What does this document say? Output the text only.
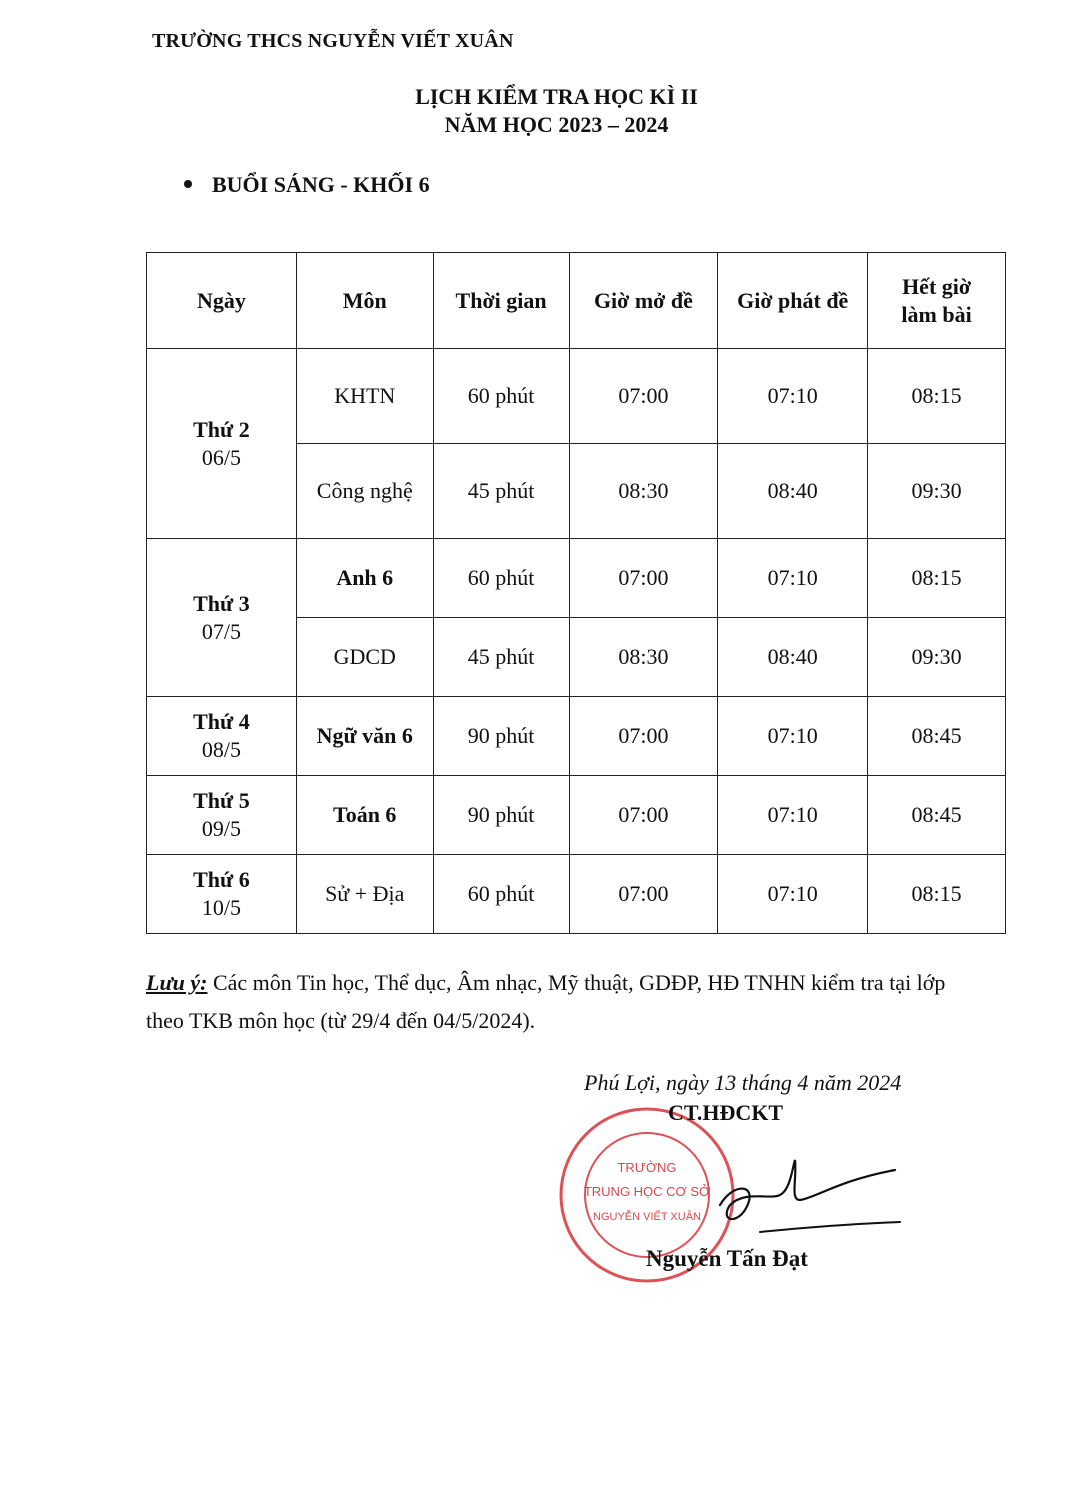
TRƯỜNG THCS NGUYỄN VIẾT XUÂN
LỊCH KIỂM TRA HỌC KÌ II
NĂM HỌC 2023 – 2024
BUỔI SÁNG - KHỐI 6
Ngày	Môn	Thời gian	Giờ mở đề	Giờ phát đề	Hết giờ
làm bài

Thứ 2
06/5	KHTN	60 phút	07:00	07:10	08:15
	Công nghệ	45 phút	08:30	08:40	09:30

Thứ 3
07/5	Anh 6	60 phút	07:00	07:10	08:15
	GDCD	45 phút	08:30	08:40	09:30

Thứ 4
08/5	Ngữ văn 6	90 phút	07:00	07:10	08:45

Thứ 5
09/5	Toán 6	90 phút	07:00	07:10	08:45

Thứ 6
10/5	Sử + Địa	60 phút	07:00	07:10	08:15
Lưu ý: Các môn Tin học, Thể dục, Âm nhạc, Mỹ thuật, GDĐP, HĐ TNHN kiểm tra tại lớp theo TKB môn học (từ 29/4 đến 04/5/2024).
Phú Lợi, ngày 13 tháng 4 năm 2024
TRƯỜNG
TRUNG HỌC CƠ SỞ
NGUYỄN VIẾT XUÂN
CT.HĐCKT
Nguyễn Tấn Đạt
